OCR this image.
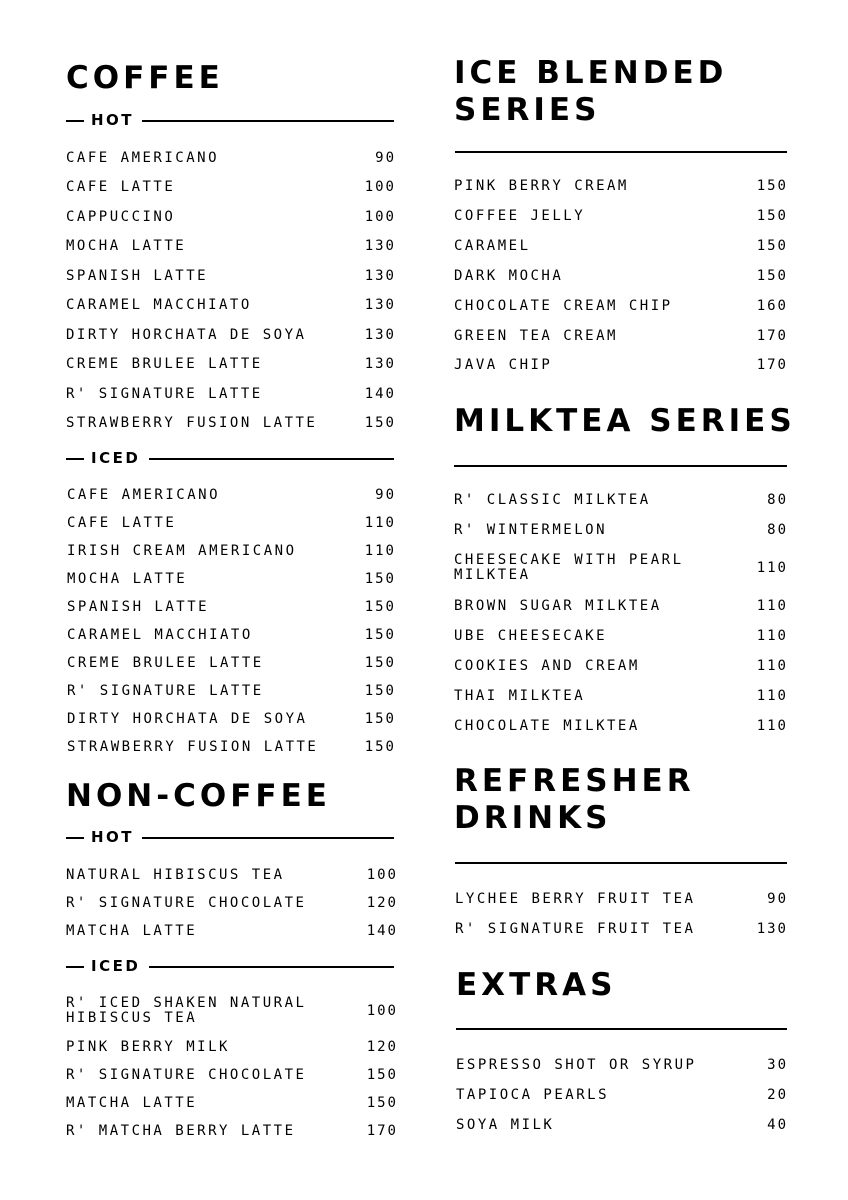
COFFEE
HOT
CAFE AMERICANO	90
CAFE LATTE	100
CAPPUCCINO	100
MOCHA LATTE	130
SPANISH LATTE	130
CARAMEL MACCHIATO	130
DIRTY HORCHATA DE SOYA	130
CREME BRULEE LATTE	130
R' SIGNATURE LATTE	140
STRAWBERRY FUSION LATTE	150
ICED
CAFE AMERICANO	90
CAFE LATTE	110
IRISH CREAM AMERICANO	110
MOCHA LATTE	150
SPANISH LATTE	150
CARAMEL MACCHIATO	150
CREME BRULEE LATTE	150
R' SIGNATURE LATTE	150
DIRTY HORCHATA DE SOYA	150
STRAWBERRY FUSION LATTE	150
NON-COFFEE
HOT
NATURAL HIBISCUS TEA	100
R' SIGNATURE CHOCOLATE	120
MATCHA LATTE	140
ICED
R' ICED SHAKEN NATURAL HIBISCUS TEA	100
PINK BERRY MILK	120
R' SIGNATURE CHOCOLATE	150
MATCHA LATTE	150
R' MATCHA BERRY LATTE	170
ICE BLENDED
SERIES
PINK BERRY CREAM	150
COFFEE JELLY	150
CARAMEL	150
DARK MOCHA	150
CHOCOLATE CREAM CHIP	160
GREEN TEA CREAM	170
JAVA CHIP	170
MILKTEA SERIES
R' CLASSIC MILKTEA	80
R' WINTERMELON	80
CHEESECAKE WITH PEARL MILKTEA	110
BROWN SUGAR MILKTEA	110
UBE CHEESECAKE	110
COOKIES AND CREAM	110
THAI MILKTEA	110
CHOCOLATE MILKTEA	110
REFRESHER
DRINKS
LYCHEE BERRY FRUIT TEA	90
R' SIGNATURE FRUIT TEA	130
EXTRAS
ESPRESSO SHOT OR SYRUP	30
TAPIOCA PEARLS	20
SOYA MILK	40
